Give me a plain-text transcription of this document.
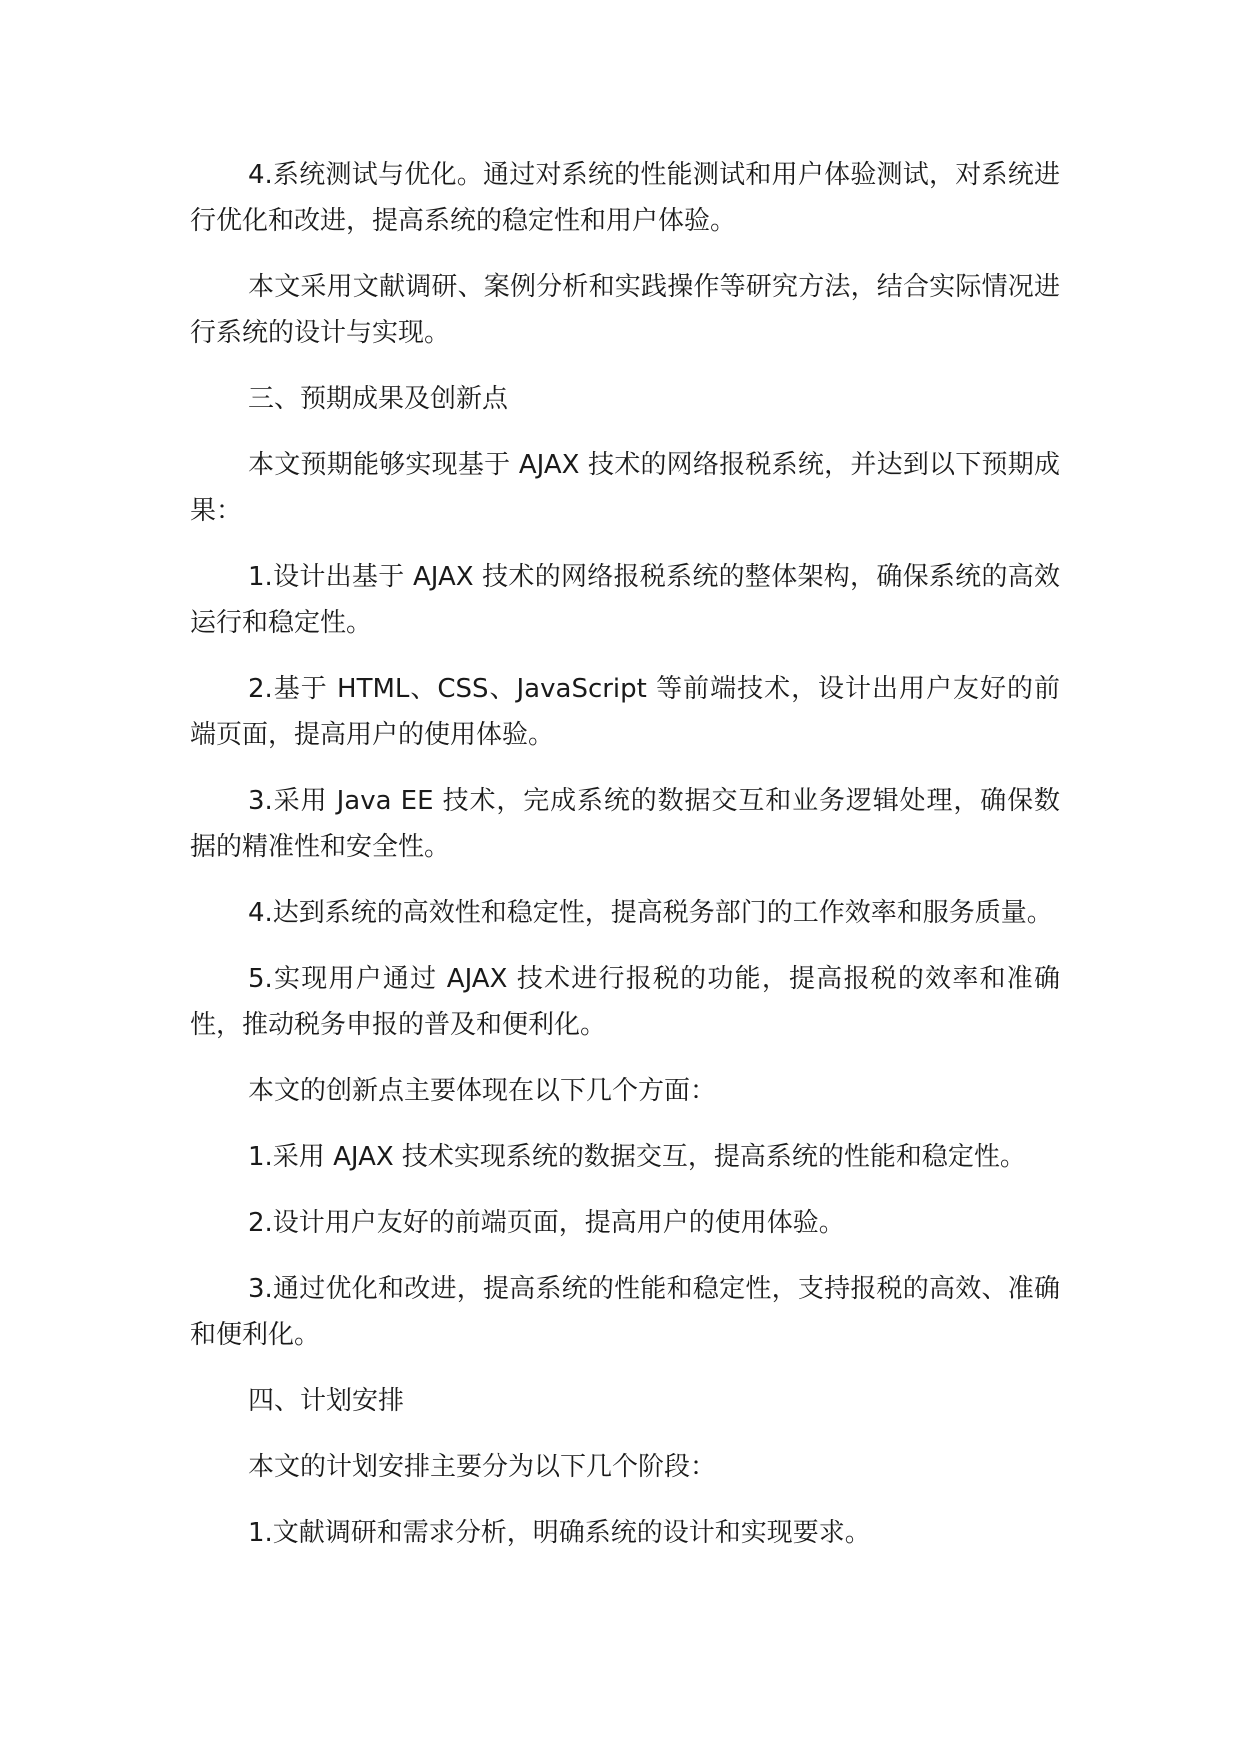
4.系统测试与优化。通过对系统的性能测试和用户体验测试，对系统进行优化和改进，提高系统的稳定性和用户体验。

本文采用文献调研、案例分析和实践操作等研究方法，结合实际情况进行系统的设计与实现。

三、预期成果及创新点

本文预期能够实现基于 AJAX 技术的网络报税系统，并达到以下预期成果：

1.设计出基于 AJAX 技术的网络报税系统的整体架构，确保系统的高效运行和稳定性。

2.基于 HTML、CSS、JavaScript 等前端技术，设计出用户友好的前端页面，提高用户的使用体验。

3.采用 Java EE 技术，完成系统的数据交互和业务逻辑处理，确保数据的精准性和安全性。

4.达到系统的高效性和稳定性，提高税务部门的工作效率和服务质量。

5.实现用户通过 AJAX 技术进行报税的功能，提高报税的效率和准确性，推动税务申报的普及和便利化。

本文的创新点主要体现在以下几个方面：

1.采用 AJAX 技术实现系统的数据交互，提高系统的性能和稳定性。

2.设计用户友好的前端页面，提高用户的使用体验。

3.通过优化和改进，提高系统的性能和稳定性，支持报税的高效、准确和便利化。

四、计划安排

本文的计划安排主要分为以下几个阶段：

1.文献调研和需求分析，明确系统的设计和实现要求。
